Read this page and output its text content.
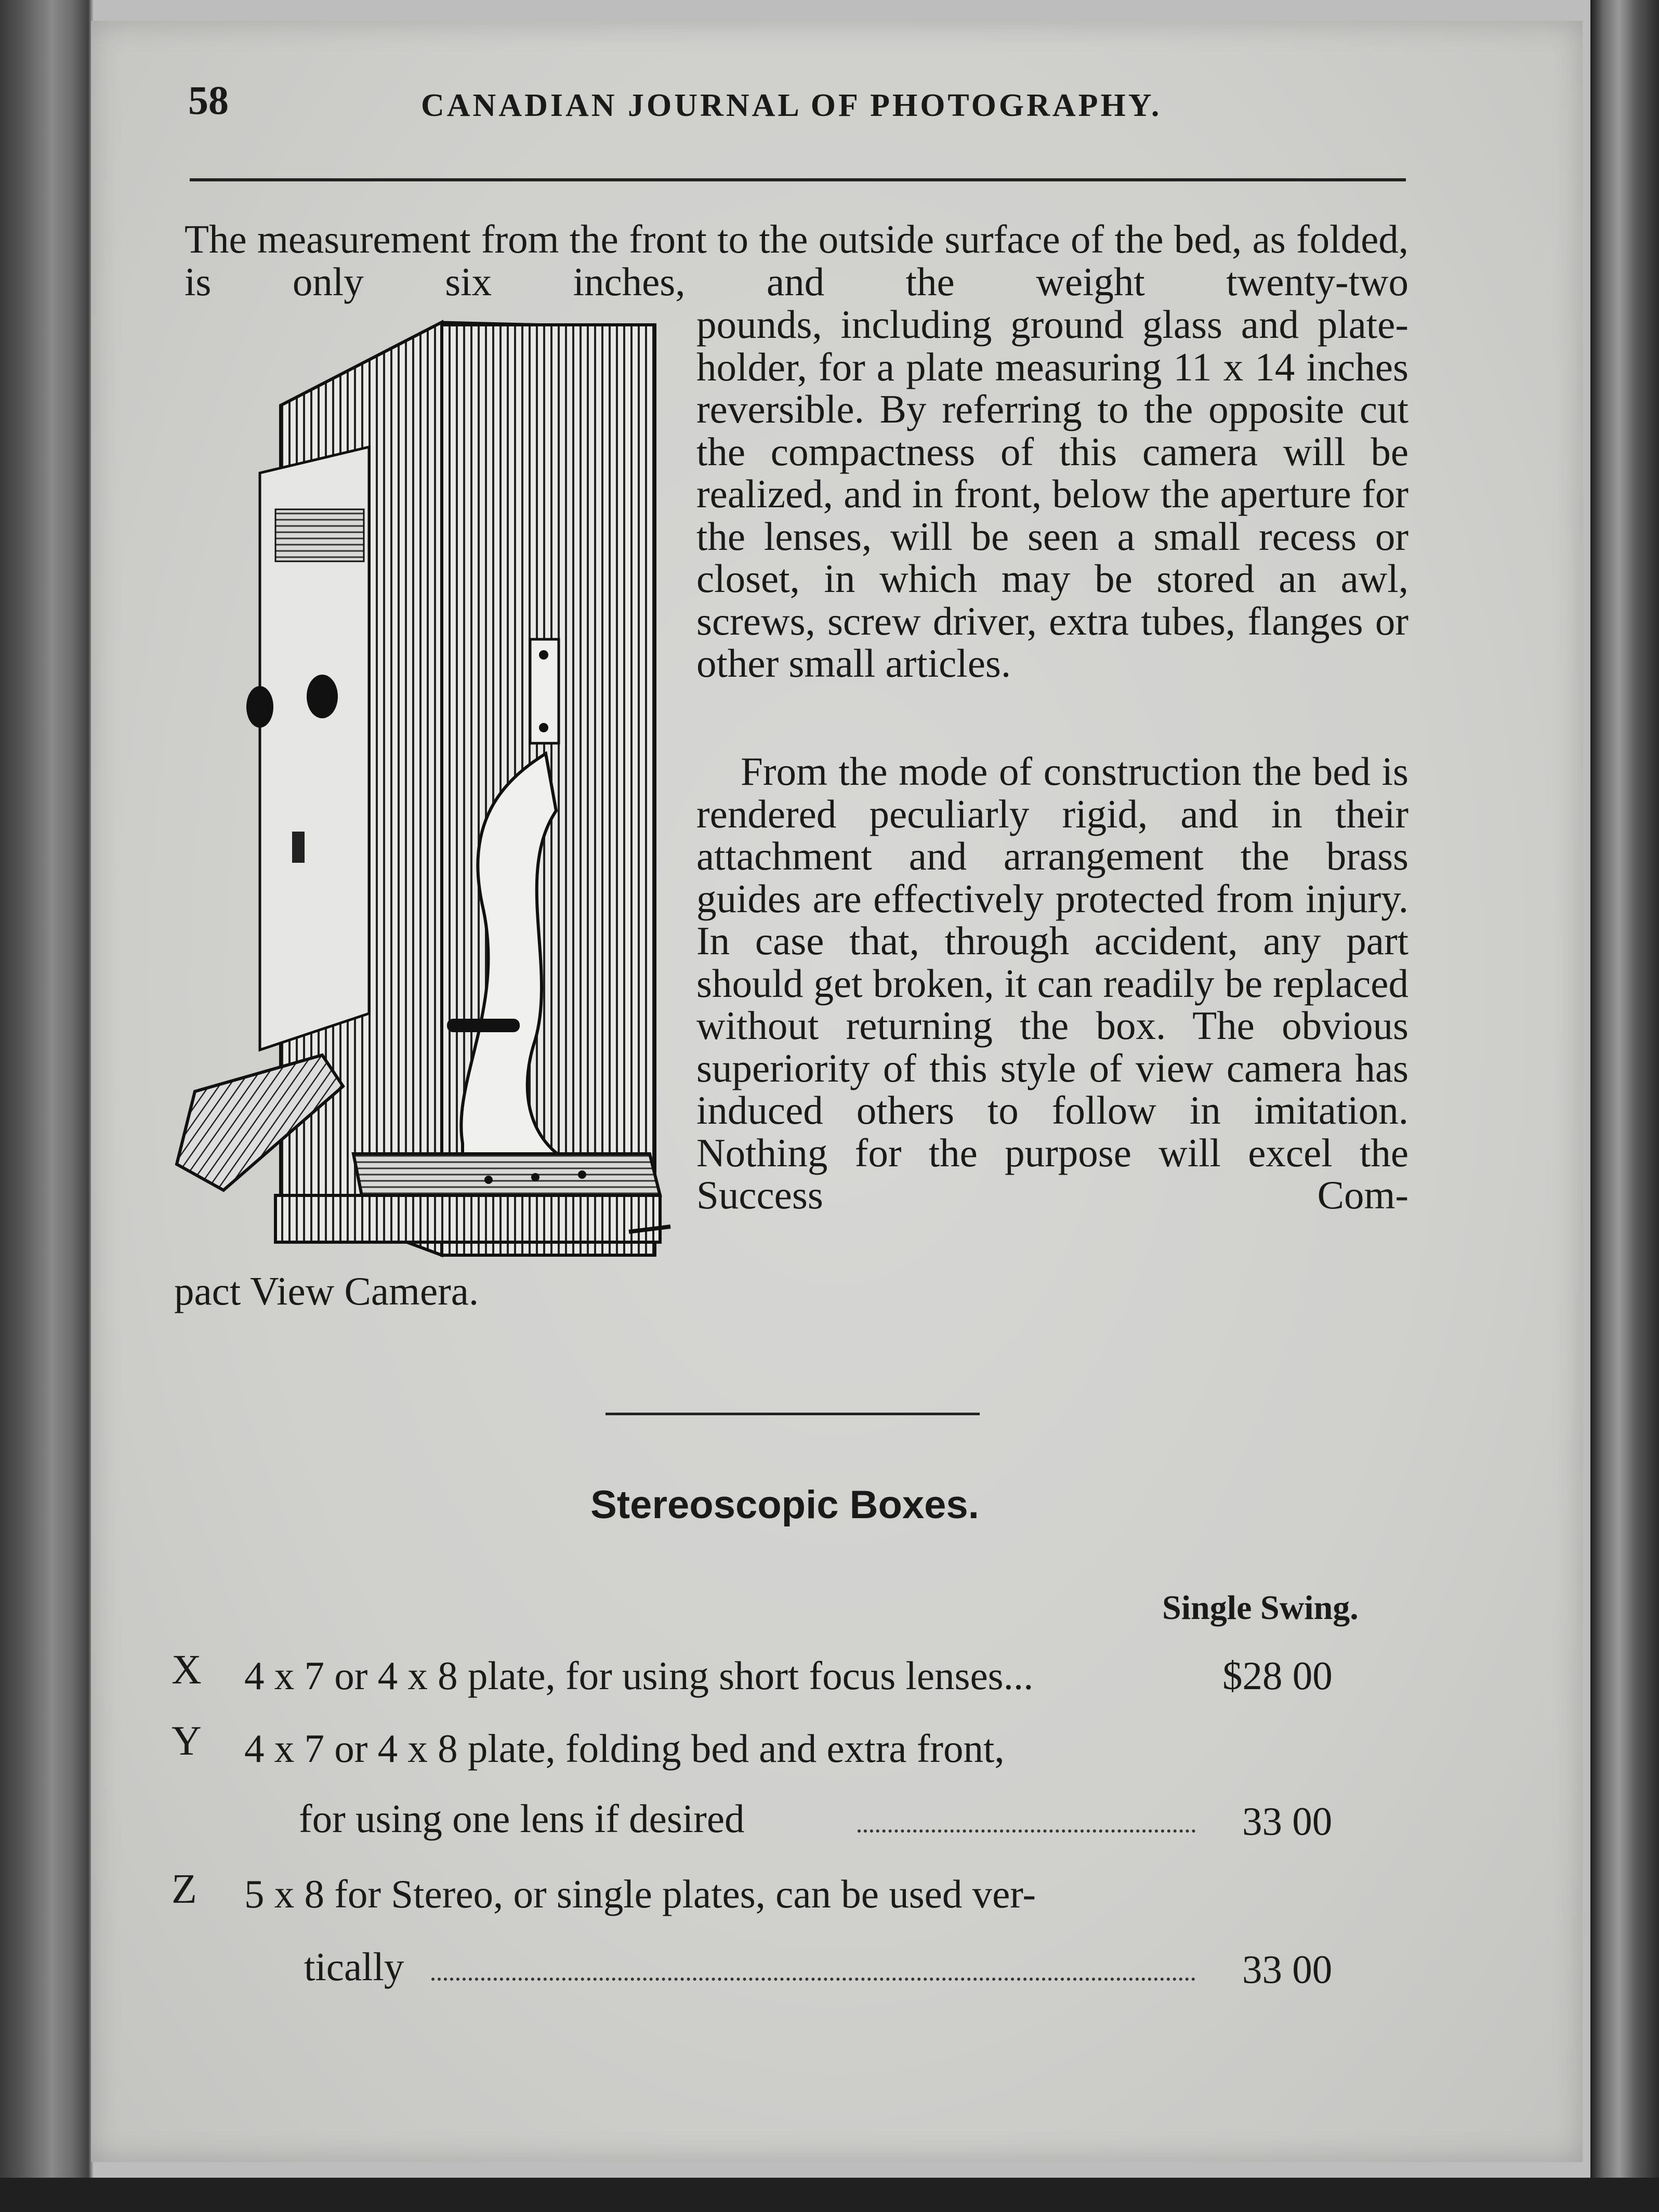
58	CANADIAN JOURNAL OF PHOTOGRAPHY.

The measurement from the front to the outside surface of the bed, as folded, is only six inches, and the weight twenty-two

pounds, including ground glass and plate-holder, for a plate measuring 11 x 14 inches reversible. By referring to the opposite cut the compactness of this camera will be realized, and in front, below the aperture for the lenses, will be seen a small recess or closet, in which may be stored an awl, screws, screw driver, extra tubes, flanges or other small articles.

From the mode of construction the bed is rendered peculiarly rigid, and in their attachment and arrangement the brass guides are effectively protected from injury. In case that, through accident, any part should get broken, it can readily be replaced without returning the box. The obvious superiority of this style of view camera has induced others to follow in imitation. Nothing for the purpose will excel the Success Com-

pact View Camera.
Stereoscopic Boxes.
Single Swing.
X 4 x 7 or 4 x 8 plate, for using short focus lenses...	$28 00
Y 4 x 7 or 4 x 8 plate, folding bed and extra front,
for using one lens if desired	33 00
Z 5 x 8 for Stereo, or single plates, can be used ver-
tically	33 00
